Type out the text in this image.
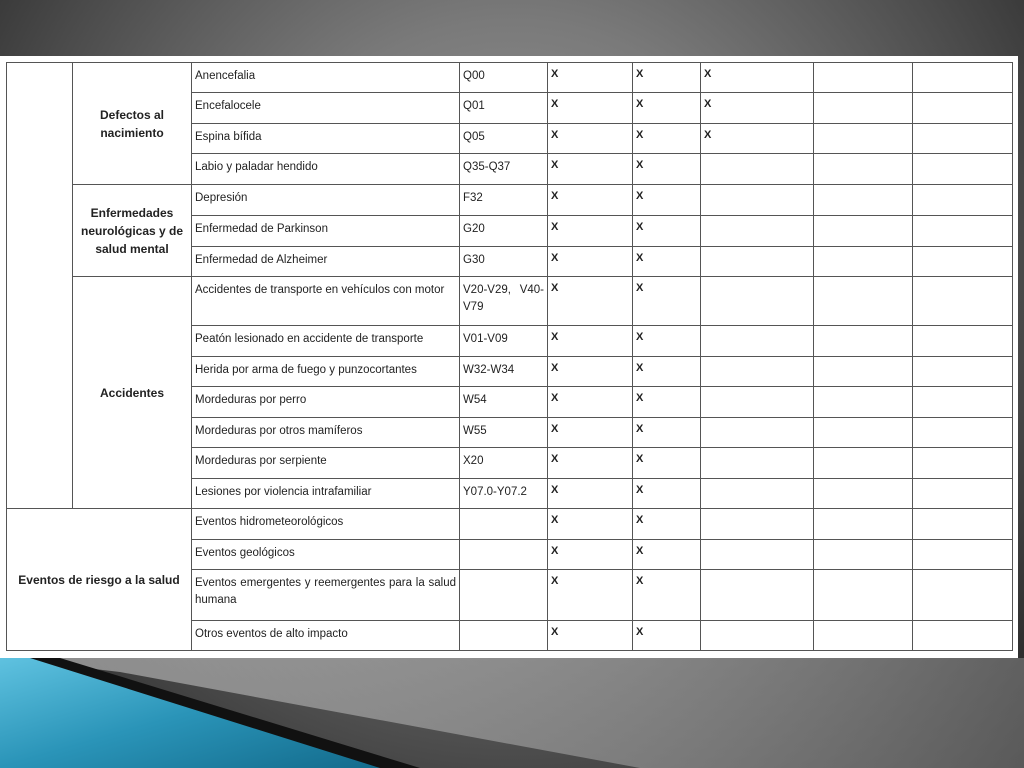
	Defectos al nacimiento	Anencefalia	Q00	X	X	X		
		Encefalocele	Q01	X	X	X		
		Espina bífida	Q05	X	X	X		
		Labio y paladar hendido	Q35-Q37	X	X			
	Enfermedades neurológicas y de salud mental	Depresión	F32	X	X			
		Enfermedad de Parkinson	G20	X	X			
		Enfermedad de Alzheimer	G30	X	X			
	Accidentes	Accidentes de transporte en vehículos con motor	V20-V29, V40-V79	X	X			
		Peatón lesionado en accidente de transporte	V01-V09	X	X			
		Herida por arma de fuego y punzocortantes	W32-W34	X	X			
		Mordeduras por perro	W54	X	X			
		Mordeduras por otros mamíferos	W55	X	X			
		Mordeduras por serpiente	X20	X	X			
		Lesiones por violencia intrafamiliar	Y07.0-Y07.2	X	X			
Eventos de riesgo a la salud		Eventos hidrometeorológicos		X	X			
		Eventos geológicos		X	X			
		Eventos emergentes y reemergentes para la salud humana		X	X			
		Otros eventos de alto impacto		X	X			
